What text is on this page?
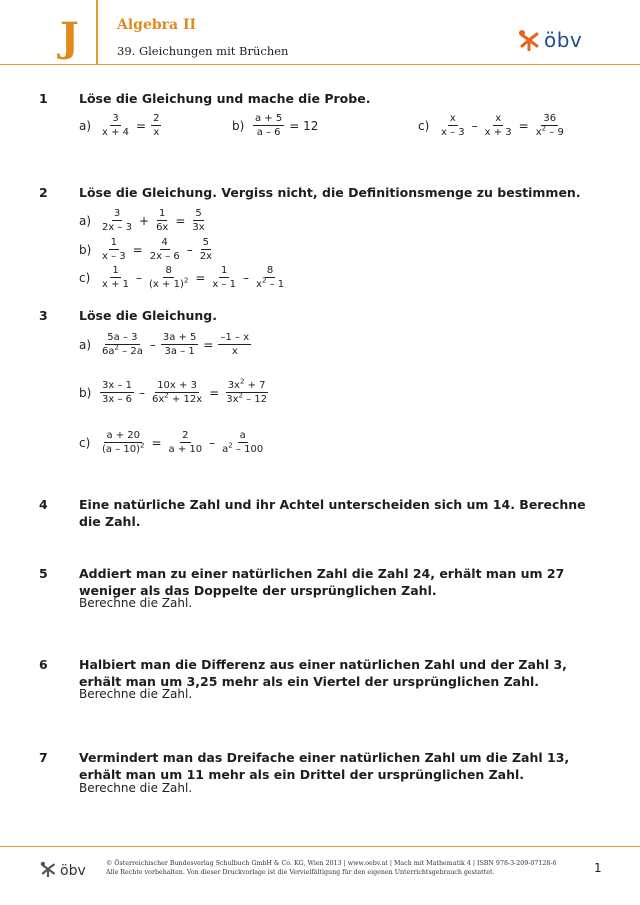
J	Algebra II
39. Gleichungen mit Brüchen	öbv
1	Löse die Gleichung und mache die Probe.
$a) \frac{3}{x + 4} = \frac{2}{x}$	$b) \frac{a + 5}{a - 6} = 12$	$c) \frac{x}{x - 3} - \frac{x}{x + 3} = \frac{36}{x^2 - 9}$
2	Löse die Gleichung. Vergiss nicht, die Definitionsmenge zu bestimmen.
$a) \frac{3}{2x - 3} + \frac{1}{6x} = \frac{5}{3x}$
$b) \frac{1}{x - 3} = \frac{4}{2x - 6} - \frac{5}{2x}$
$c) \frac{1}{x + 1} - \frac{8}{(x + 1)^2} = \frac{1}{x - 1} - \frac{8}{x^2 - 1}$
3	Löse die Gleichung.
$a) \frac{5a - 3}{6a^2 - 2a} - \frac{3a + 5}{3a - 1} = \frac{-1 - x}{x}$
$b) \frac{3x - 1}{3x - 6} - \frac{10x + 3}{6x^2 + 12x} = \frac{3x^2 + 7}{3x^2 - 12}$
$c) \frac{a + 20}{(a - 10)^2} = \frac{2}{a + 10} - \frac{a}{a^2 - 100}$
4	Eine natürliche Zahl und ihr Achtel unterscheiden sich um 14. Berechne die Zahl.
5	Addiert man zu einer natürlichen Zahl die Zahl 24, erhält man um 27 weniger als das Doppelte der ursprünglichen Zahl.
Berechne die Zahl.
6	Halbiert man die Differenz aus einer natürlichen Zahl und der Zahl 3, erhält man um 3,25 mehr als ein Viertel der ursprünglichen Zahl.
Berechne die Zahl.
7	Vermindert man das Dreifache einer natürlichen Zahl um die Zahl 13, erhält man um 11 mehr als ein Drittel der ursprünglichen Zahl.
Berechne die Zahl.
öbv	© Österreichischer Bundesverlag Schulbuch GmbH & Co. KG, Wien 2013 | www.oebv.at | Mach mit Mathematik 4 | ISBN 978-3-209-07128-6
Alle Rechte vorbehalten. Von dieser Druckvorlage ist die Vervielfältigung für den eigenen Unterrichtsgebrauch gestattet.	1
